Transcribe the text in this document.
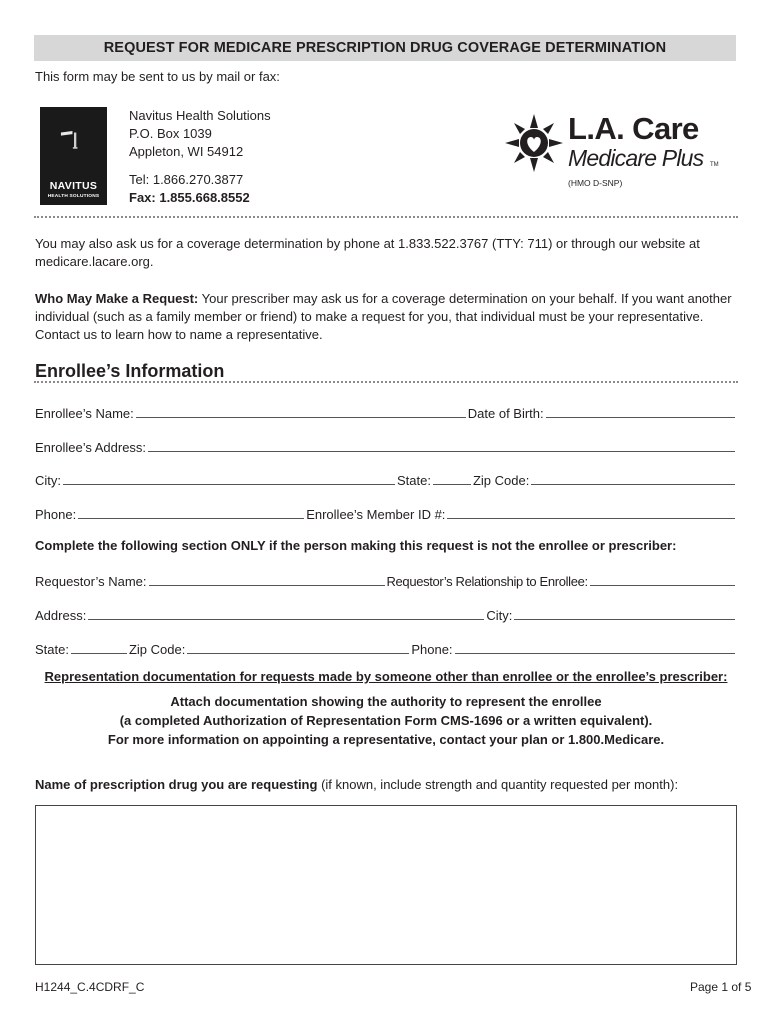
REQUEST FOR MEDICARE PRESCRIPTION DRUG COVERAGE DETERMINATION
This form may be sent to us by mail or fax:
NAVITUS
HEALTH SOLUTIONS
Navitus Health Solutions
P.O. Box 1039
Appleton, WI 54912
Tel: 1.866.270.3877
Fax: 1.855.668.8552
L.A. Care
Medicare Plus TM
(HMO D-SNP)
You may also ask us for a coverage determination by phone at 1.833.522.3767 (TTY: 711) or through our website at medicare.lacare.org.
Who May Make a Request: Your prescriber may ask us for a coverage determination on your behalf. If you want another individual (such as a family member or friend) to make a request for you, that individual must be your representative. Contact us to learn how to name a representative.
Enrollee’s Information
Enrollee’s Name:	Date of Birth:
Enrollee’s Address:
City:	State:	Zip Code:
Phone:	Enrollee’s Member ID #:
Complete the following section ONLY if the person making this request is not the enrollee or prescriber:
Requestor’s Name:	Requestor’s Relationship to Enrollee:
Address:	City:
State:	Zip Code:	Phone:
Representation documentation for requests made by someone other than enrollee or the enrollee’s prescriber:
Attach documentation showing the authority to represent the enrollee
(a completed Authorization of Representation Form CMS-1696 or a written equivalent).
For more information on appointing a representative, contact your plan or 1.800.Medicare.
Name of prescription drug you are requesting (if known, include strength and quantity requested per month):
H1244_C.4CDRF_C	Page 1 of 5
